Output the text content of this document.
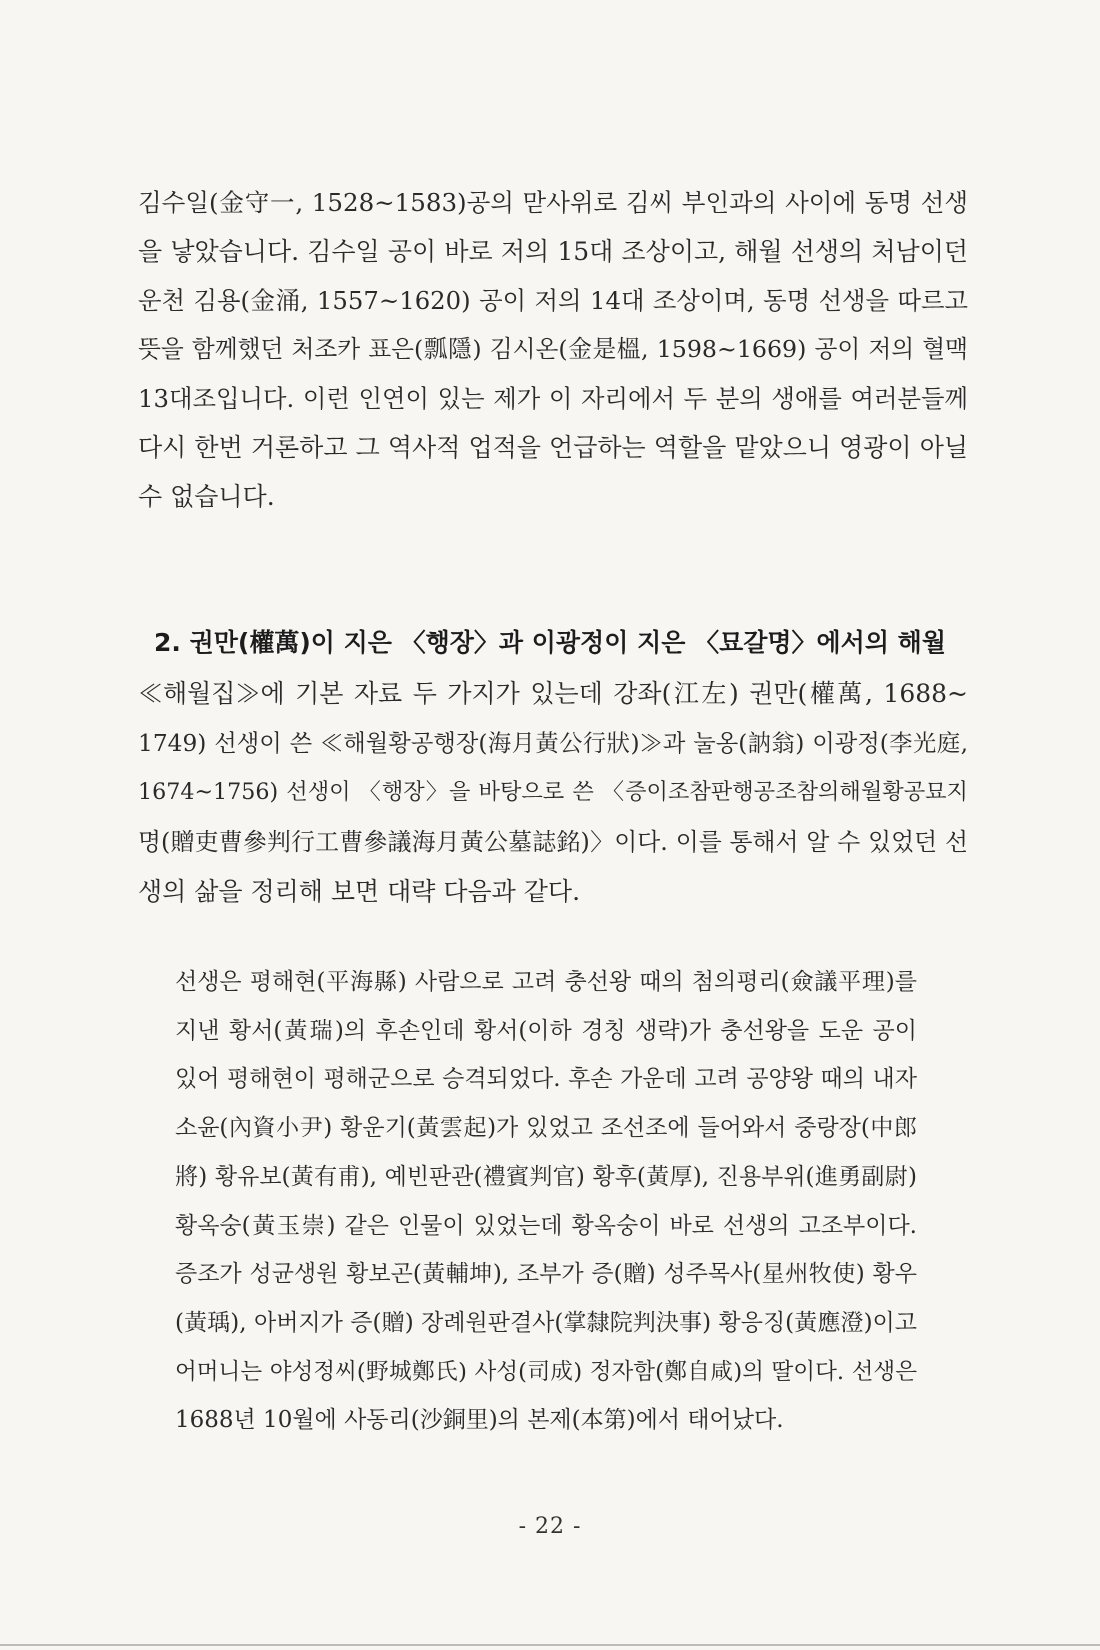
김수일(金守一, 1528~1583)공의 맏사위로 김씨 부인과의 사이에 동명 선생
을 낳았습니다. 김수일 공이 바로 저의 15대 조상이고, 해월 선생의 처남이던
운천 김용(金涌, 1557~1620) 공이 저의 14대 조상이며, 동명 선생을 따르고
뜻을 함께했던 처조카 표은(瓢隱) 김시온(金是榲, 1598~1669) 공이 저의 혈맥
13대조입니다. 이런 인연이 있는 제가 이 자리에서 두 분의 생애를 여러분들께
다시 한번 거론하고 그 역사적 업적을 언급하는 역할을 맡았으니 영광이 아닐
수 없습니다.
2. 권만(權萬)이 지은 〈행장〉과 이광정이 지은 〈묘갈명〉에서의 해월
≪해월집≫에 기본 자료 두 가지가 있는데 강좌(江左) 권만(權萬, 1688~
1749) 선생이 쓴 ≪해월황공행장(海月黃公行狀)≫과 눌옹(訥翁) 이광정(李光庭,
1674~1756) 선생이 〈행장〉을 바탕으로 쓴 〈증이조참판행공조참의해월황공묘지
명(贈吏曹參判行工曹參議海月黃公墓誌銘)〉이다. 이를 통해서 알 수 있었던 선
생의 삶을 정리해 보면 대략 다음과 같다.
선생은 평해현(平海縣) 사람으로 고려 충선왕 때의 첨의평리(僉議平理)를
지낸 황서(黃瑞)의 후손인데 황서(이하 경칭 생략)가 충선왕을 도운 공이
있어 평해현이 평해군으로 승격되었다. 후손 가운데 고려 공양왕 때의 내자
소윤(內資小尹) 황운기(黃雲起)가 있었고 조선조에 들어와서 중랑장(中郎
將) 황유보(黃有甫), 예빈판관(禮賓判官) 황후(黃厚), 진용부위(進勇副尉)
황옥숭(黃玉崇) 같은 인물이 있었는데 황옥숭이 바로 선생의 고조부이다.
증조가 성균생원 황보곤(黃輔坤), 조부가 증(贈) 성주목사(星州牧使) 황우
(黃瑀), 아버지가 증(贈) 장례원판결사(掌隸院判決事) 황응징(黃應澄)이고
어머니는 야성정씨(野城鄭氏) 사성(司成) 정자함(鄭自咸)의 딸이다. 선생은
1688년 10월에 사동리(沙銅里)의 본제(本第)에서 태어났다.
- 22 -
